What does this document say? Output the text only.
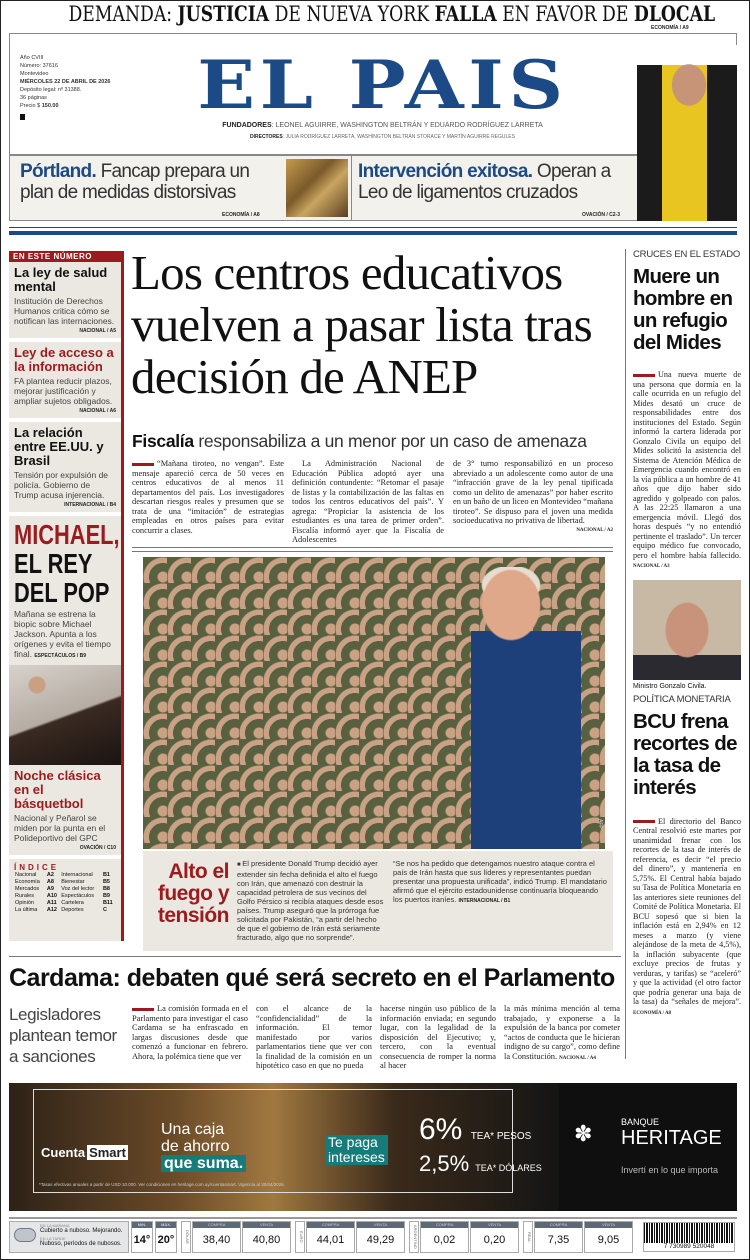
DEMANDA: JUSTICIA DE NUEVA YORK FALLA EN FAVOR DE DLOCAL
ECONOMÍA / A9
Año CVIII
Número: 37616
Montevideo
MIÉRCOLES 22 DE ABRIL DE 2026
Depósito legal: nº 31388.
36 páginas
Precio $ 150.00	EL PAIS
FUNDADORES: LEONEL AGUIRRE, WASHINGTON BELTRÁN Y EDUARDO RODRÍGUEZ LARRETA
DIRECTORES: JULIA RODRÍGUEZ LARRETA, WASHINGTON BELTRÁN STORACE Y MARTÍN AGUIRRE REGULES
Pórtland. Fancap prepara un plan de medidas distorsivas
ECONOMÍA / A8
Intervención exitosa. Operan a Leo de ligamentos cruzados
OVACIÓN / C2-3
EN ESTE NÚMERO
La ley de salud mental

Institución de Derechos Humanos critica cómo se notifican las internaciones.

NACIONAL / A5
Ley de acceso a la información

FA plantea reducir plazos, mejorar justificación y ampliar sujetos obligados.

NACIONAL / A6
La relación entre EE.UU. y Brasil

Tensión por expulsión de policía. Gobierno de Trump acusa injerencia.

INTERNACIONAL / B4
MICHAEL,
EL REY
DEL POP

Mañana se estrena la biopic sobre Michael Jackson. Apunta a los orígenes y evita el tiempo final. ESPECTÁCULOS / B9

Noche clásica en el básquetbol

Nacional y Peñarol se miden por la punta en el Polideportivo del GPC

OVACIÓN / C10
ÍNDICE
Nacional	A2	Internacional	B1
Economía	A8	Bienestar	B5
Mercados	A9	Voz del lector	B8
Rurales	A10	Espectáculos	B9
Opinión	A11	Cartelera	B11
La última	A12	Deportes	C
Los centros educativos vuelven a pasar lista tras decisión de ANEP
Fiscalía responsabiliza a un menor por un caso de amenaza
“Mañana tiroteo, no vengan”. Este mensaje apareció cerca de 50 veces en centros educativos de al menos 11 departamentos del país. Los investigadores descartan riesgos reales y presumen que se trata de una “imitación” de estrategias empleadas en otros países para evitar concurrir a clases.
La Administración Nacional de Educación Pública adoptó ayer una definición contundente: “Retomar el pasaje de listas y la contabilización de las faltas en todos los centros educativos del país”. Y agrega: “Propiciar la asistencia de los estudiantes es una tarea de primer orden”. Fiscalía informó ayer que la Fiscalía de Adolescentes
de 3° turno responsabilizó en un proceso abreviado a un adolescente como autor de una “infracción grave de la ley penal tipificada como un delito de amenazas” por haber escrito en un baño de un liceo en Montevideo “mañana tiroteo”. Se dispuso para el joven una medida socioeducativa no privativa de libertad.
NACIONAL / A2
AFP
Alto el fuego y tensión
■ El presidente Donald Trump decidió ayer extender sin fecha definida el alto el fuego con Irán, que amenazó con destruir la capacidad petrolera de sus vecinos del Golfo Pérsico si recibía ataques desde esos países. Trump aseguró que la prórroga fue solicitada por Pakistán, “a partir del hecho de que el gobierno de Irán está seriamente fracturado, algo que no sorprende”.
“Se nos ha pedido que detengamos nuestro ataque contra el país de Irán hasta que sus líderes y representantes puedan presentar una propuesta unificada”, indicó Trump. El mandatario afirmó que el ejército estadounidense continuaría bloqueando los puertos iraníes. INTERNACIONAL / B1
CRUCES EN EL ESTADO
Muere un hombre en un refugio del Mides
Una nueva muerte de una persona que dormía en la calle ocurrida en un refugio del Mides desató un cruce de responsabilidades entre dos instituciones del Estado. Según informó la cartera liderada por Gonzalo Civila un equipo del Mides solicitó la asistencia del Sistema de Atención Médica de Emergencia cuando encontró en la vía pública a un hombre de 41 años que dijo haber sido agredido y golpeado con palos. A las 22:25 llamaron a una emergencia móvil. Llegó dos horas después “y no entendió pertinente el traslado”. Un tercer equipo médico fue convocado, pero el hombre había fallecido. NACIONAL / A3
Ministro Gonzalo Civila.
POLÍTICA MONETARIA
BCU frena recortes de la tasa de interés
El directorio del Banco Central resolvió este martes por unanimidad frenar con los recortes de la tasa de interés de referencia, es decir “el precio del dinero”, y mantenería en 5,75%. El Central había bajado su Tasa de Política Monetaria en las anteriores siete reuniones del Comité de Política Monetaria. El BCU sopesó que si bien la inflación está en 2,94% en 12 meses a marzo (y viene alejándose de la meta de 4,5%), la inflación subyacente (que excluye precios de frutas y verduras, y tarifas) se “aceleró” y que la actividad (el otro factor que podría generar una baja de la tasa) da “señales de mejora”. ECONOMÍA / A8
Cardama: debaten qué será secreto en el Parlamento
Legisladores plantean temor a sanciones
La comisión formada en el Parlamento para investigar el caso Cardama se ha enfrascado en largas discusiones desde que comenzó a funcionar en febrero. Ahora, la polémica tiene que ver
con el alcance de la “confidencialidad” de la información. El temor manifestado por varios parlamentarios tiene que ver con la finalidad de la comisión en un hipotético caso en que no pueda
hacerse ningún uso público de la información enviada; en segundo lugar, con la legalidad de la disposición del Ejecutivo; y, tercero, con la eventual consecuencia de romper la norma al hacer
la más mínima mención al tema trabajado, y exponerse a la expulsión de la banca por cometer “actos de conducta que le hicieran indigno de su cargo”, como define la Constitución. NACIONAL / A4
Cuenta Smart
Una caja
de ahorro
que suma.
Te paga
intereses
6% TEA* PESOS
2,5% TEA* DÓLARES
*Tasas efectivas anuales a partir de USD 10.000. Ver condiciones en heritage.com.uy/cuentasmart. Vigencia al 30/04/2026.
✽	BANQUE
HERITAGE
Invertí en lo que importa
EN LA MAÑANA
Cubierto a nuboso. Mejorando.
EN LA TARDE
Nuboso, períodos de nubosos.
MIN.
14°
MÁX.
20°	DÓLAR
COMPRA
38,40
VENTA
40,80	EURO
COMPRA
44,01
VENTA
49,29	ARGENTINO
COMPRA
0,02
VENTA
0,20	REAL
COMPRA
7,35
VENTA
9,05
7 730989 520048
